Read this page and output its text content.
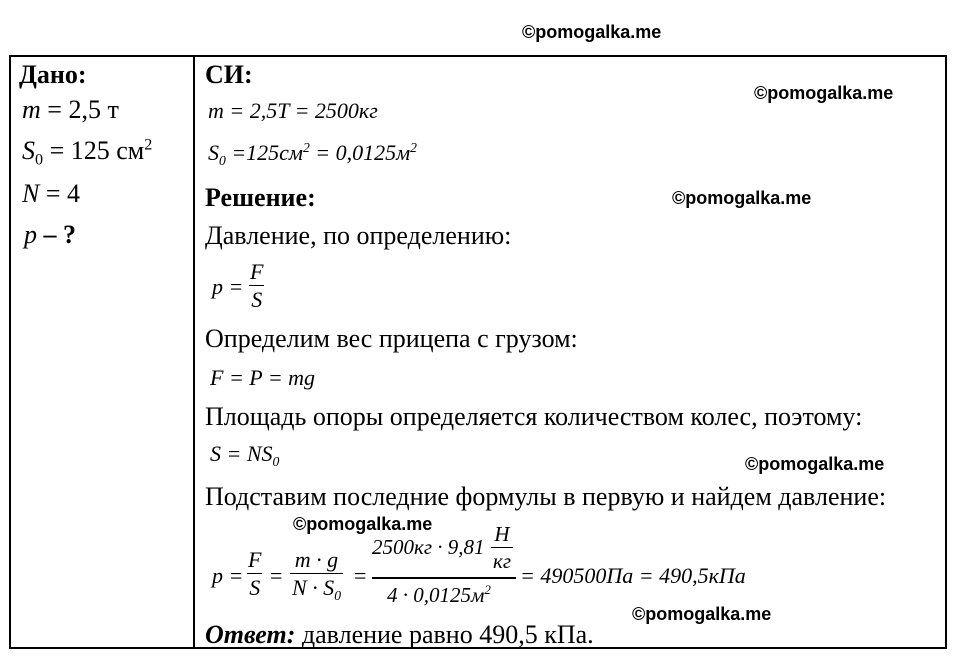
©pomogalka.me
©pomogalka.me
©pomogalka.me
©pomogalka.me
©pomogalka.me
©pomogalka.me
Дано:
m = 2,5 т
$S_0 = 125$ $см^2$
N = 4
p – ?
СИ:
m = 2,5T = 2500кг
$S_0 =125см^2 = 0,0125м^2$
Решение:
Давление, по определению:
$p = \frac{F}{S}$
Определим вес прицепа с грузом:
F = P = mg
Площадь опоры определяется количеством колес, поэтому:
$S = NS_0$
Подставим последние формулы в первую и найдем давление:
$p = \frac{F}{S} = \frac{m \cdot g}{N \cdot S_0}$ =
2500кг · 9,81
Н
кг
$4 \cdot 0,0125м^2$
= 490500Па = 490,5кПа
Ответ: давление равно 490,5 кПа.
